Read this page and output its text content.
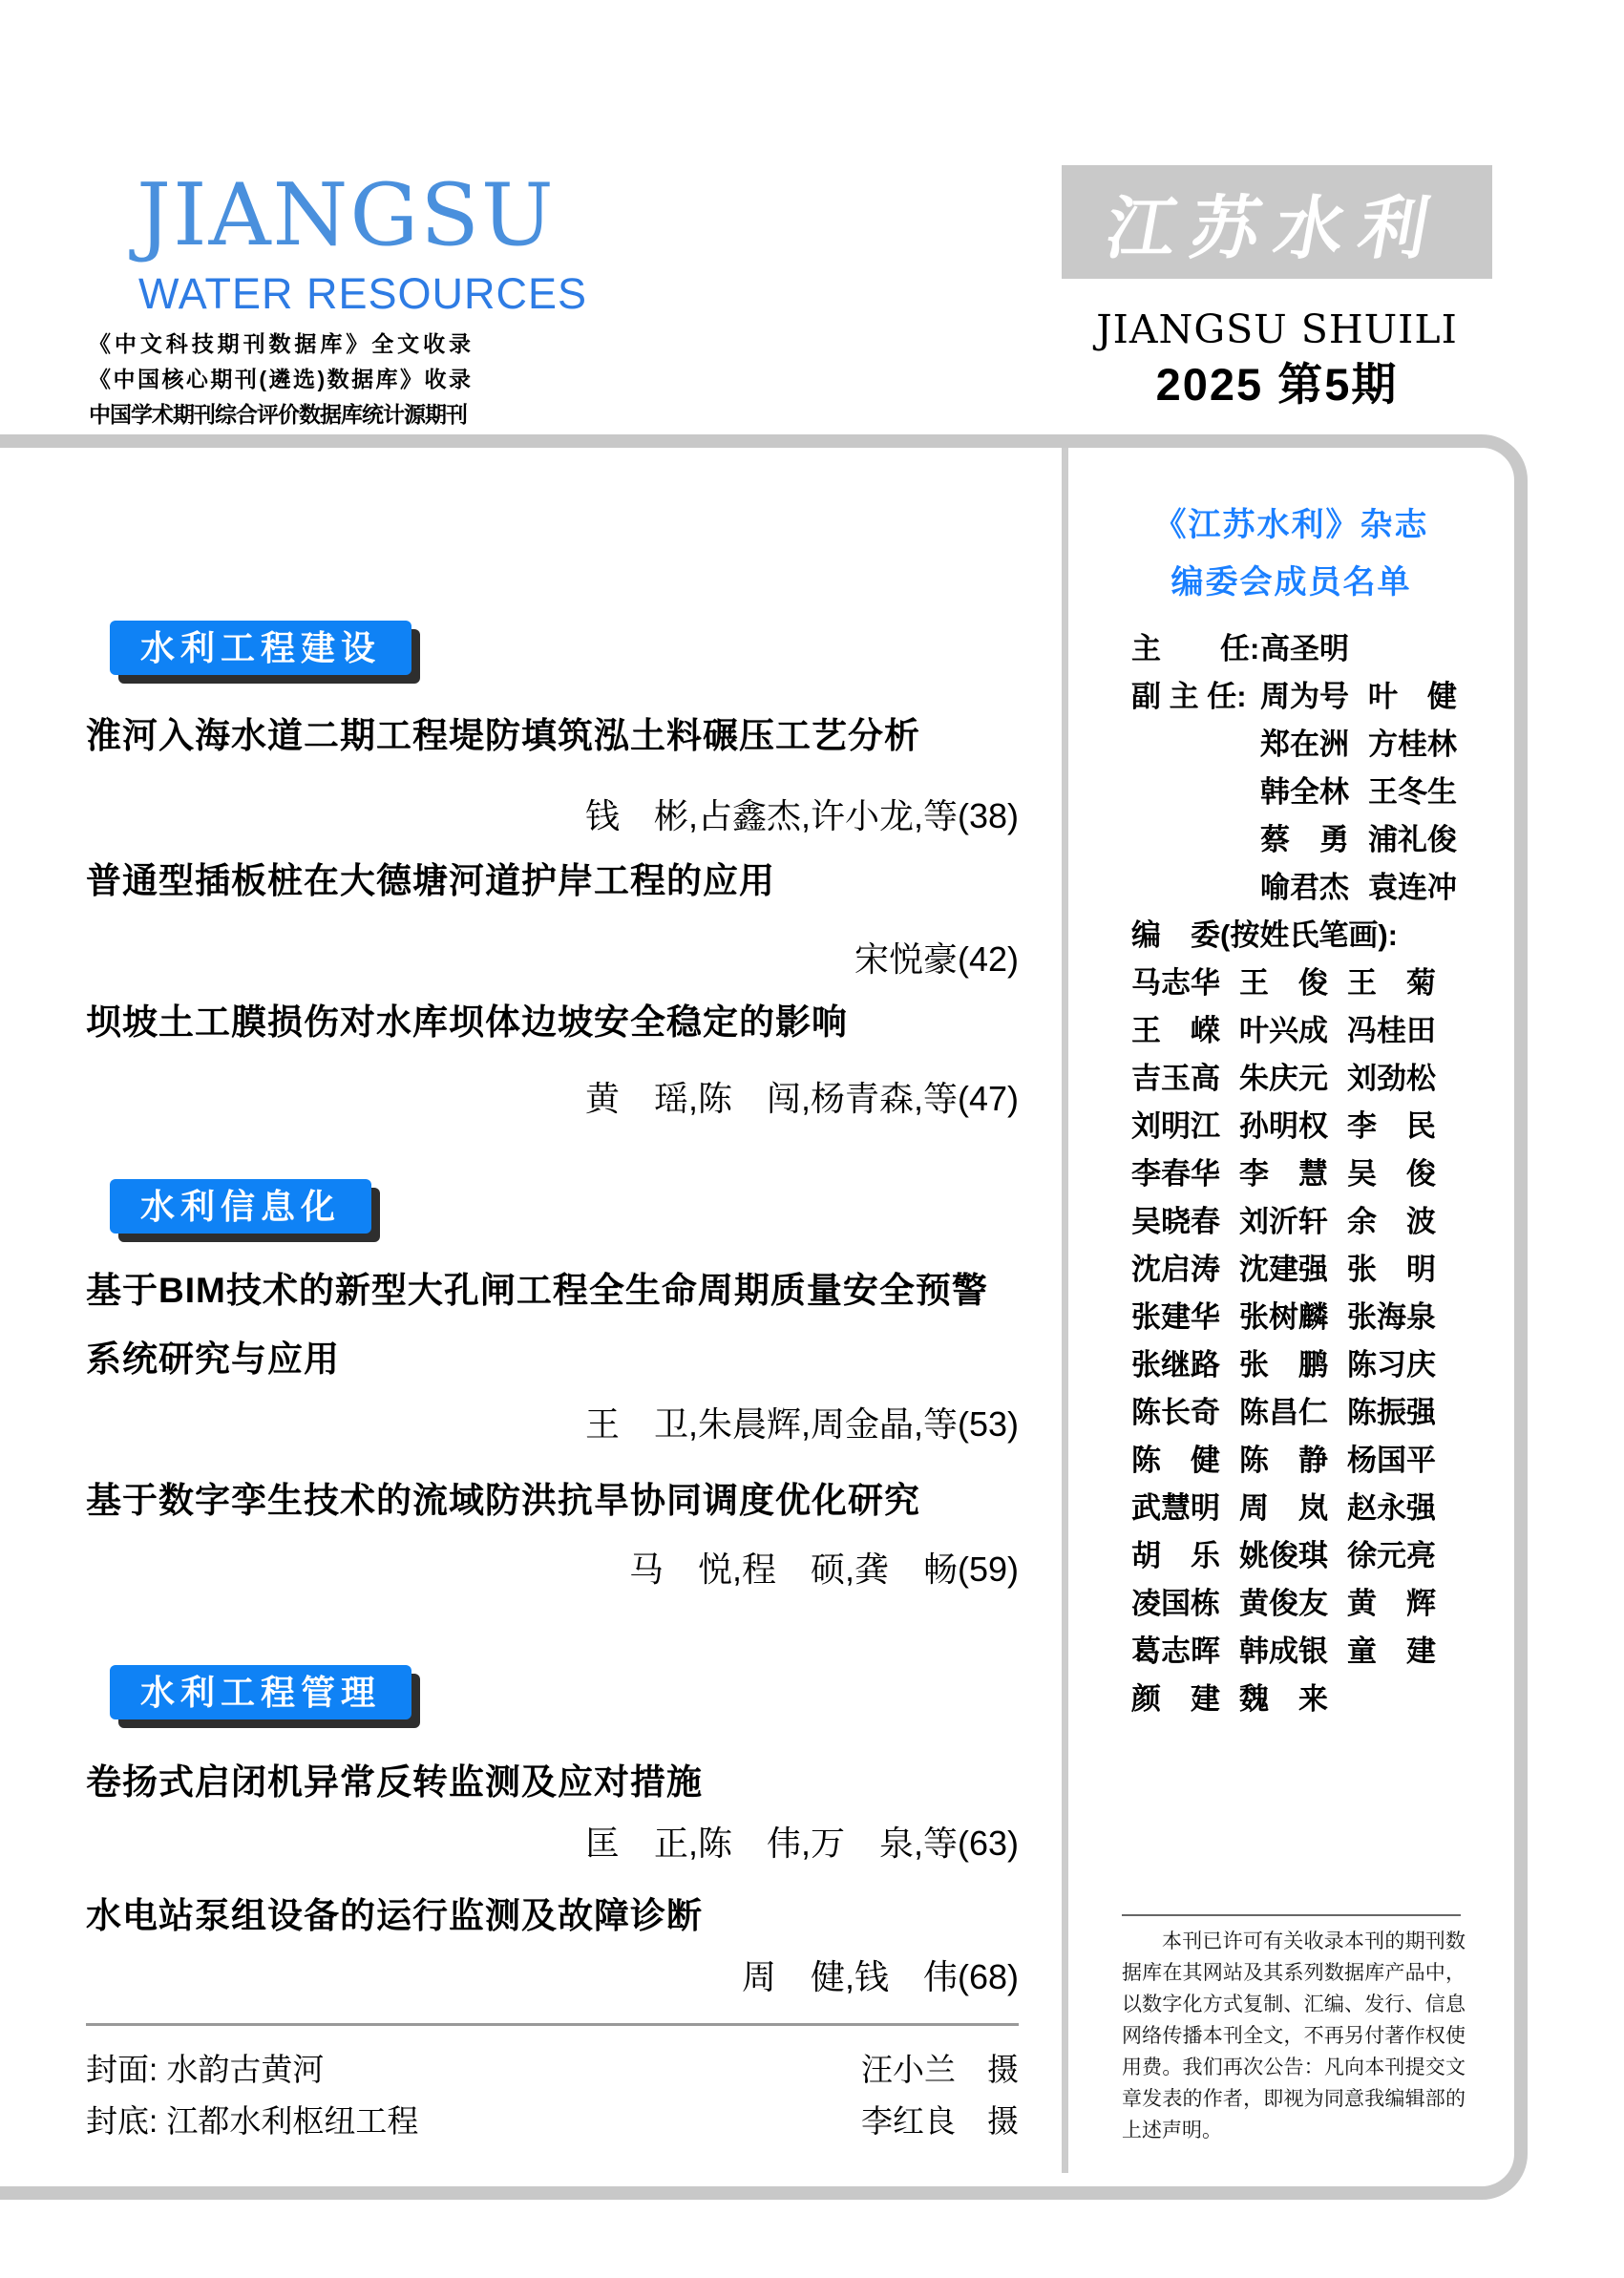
JIANGSU
WATER RESOURCES
《中文科技期刊数据库》全文收录
《中国核心期刊(遴选)数据库》收录
中国学术期刊综合评价数据库统计源期刊
江苏水利
JIANGSU SHUILI
2025 第5期
水利工程建设
淮河入海水道二期工程堤防填筑泓土料碾压工艺分析
钱　彬,占鑫杰,许小龙,等(38)
普通型插板桩在大德塘河道护岸工程的应用
宋悦豪(42)
坝坡土工膜损伤对水库坝体边坡安全稳定的影响
黄　瑶,陈　闯,杨青森,等(47)
水利信息化
基于BIM技术的新型大孔闸工程全生命周期质量安全预警系统研究与应用
王　卫,朱晨辉,周金晶,等(53)
基于数字孪生技术的流域防洪抗旱协同调度优化研究
马　悦,程　硕,龚　畅(59)
水利工程管理
卷扬式启闭机异常反转监测及应对措施
匡　正,陈　伟,万　泉,等(63)
水电站泵组设备的运行监测及故障诊断
周　健,钱　伟(68)
封面: 水韵古黄河	汪小兰　摄
封底: 江都水利枢纽工程	李红良　摄
《江苏水利》杂志
编委会成员名单
主　　任: 高圣明
副 主 任: 周为号 叶　健
郑在洲 方桂林
韩全林 王冬生
蔡　勇 浦礼俊
喻君杰 袁连冲
编　委(按姓氏笔画):
马志华 王　俊 王　菊
王　嵘 叶兴成 冯桂田
吉玉高 朱庆元 刘劲松
刘明江 孙明权 李　民
李春华 李　慧 吴　俊
吴晓春 刘沂轩 余　波
沈启涛 沈建强 张　明
张建华 张树麟 张海泉
张继路 张　鹏 陈习庆
陈长奇 陈昌仁 陈振强
陈　健 陈　静 杨国平
武慧明 周　岚 赵永强
胡　乐 姚俊琪 徐元亮
凌国栋 黄俊友 黄　辉
葛志晖 韩成银 童　建
颜　建 魏　来

本刊已许可有关收录本刊的期刊数据库在其网站及其系列数据库产品中，以数字化方式复制、汇编、发行、信息网络传播本刊全文，不再另付著作权使用费。我们再次公告：凡向本刊提交文章发表的作者，即视为同意我编辑部的上述声明。
